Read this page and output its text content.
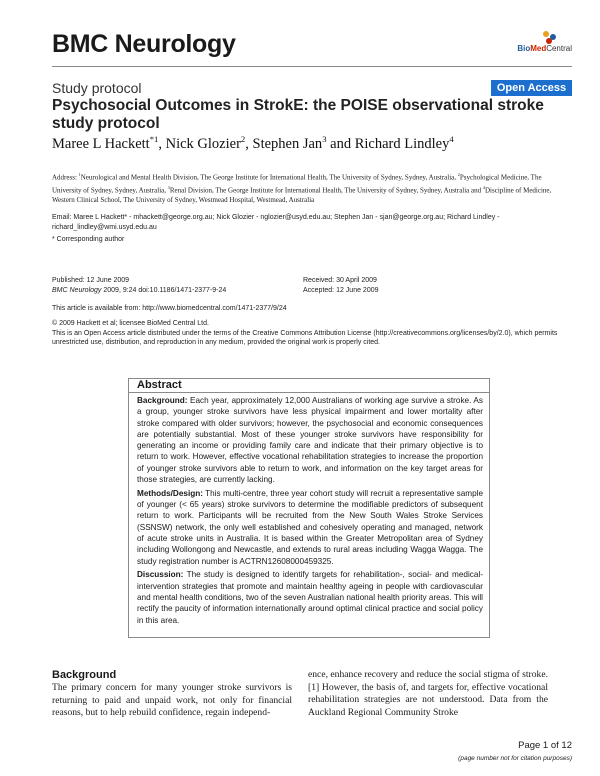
BMC Neurology	BioMedCentral
Study protocol	Open Access
Psychosocial Outcomes in StrokE: the POISE observational stroke study protocol
Maree L Hackett$^{*1}$, Nick Glozier$^2$, Stephen Jan$^3$ and Richard Lindley$^4$
Address: $^1$Neurological and Mental Health Division, The George Institute for International Health, The University of Sydney, Sydney, Australia, $^2$Psychological Medicine, The University of Sydney, Sydney, Australia, $^3$Renal Division, The George Institute for International Health, The University of Sydney, Sydney, Australia and $^4$Discipline of Medicine, Western Clinical School, The University of Sydney, Westmead Hospital, Westmead, Australia
Email: Maree L Hackett* - mhackett@george.org.au; Nick Glozier - nglozier@usyd.edu.au; Stephen Jan - sjan@george.org.au; Richard Lindley - richard_lindley@wmi.usyd.edu.au
* Corresponding author
Published: 12 June 2009
BMC Neurology 2009, 9:24 doi:10.1186/1471-2377-9-24
Received: 30 April 2009
Accepted: 12 June 2009
This article is available from: http://www.biomedcentral.com/1471-2377/9/24
© 2009 Hackett et al; licensee BioMed Central Ltd.
This is an Open Access article distributed under the terms of the Creative Commons Attribution License (http://creativecommons.org/licenses/by/2.0), which permits unrestricted use, distribution, and reproduction in any medium, provided the original work is properly cited.
Abstract

Background: Each year, approximately 12,000 Australians of working age survive a stroke. As a group, younger stroke survivors have less physical impairment and lower mortality after stroke compared with older survivors; however, the psychosocial and economic consequences are potentially substantial. Most of these younger stroke survivors have responsibility for generating an income or providing family care and indicate that their primary objective is to return to work. However, effective vocational rehabilitation strategies to increase the proportion of younger stroke survivors able to return to work, and information on the key target areas for those strategies, are currently lacking.

Methods/Design: This multi-centre, three year cohort study will recruit a representative sample of younger (< 65 years) stroke survivors to determine the modifiable predictors of subsequent return to work. Participants will be recruited from the New South Wales Stroke Services (SSNSW) network, the only well established and cohesively operating and managed, network of acute stroke units in Australia. It is based within the Greater Metropolitan area of Sydney including Wollongong and Newcastle, and extends to rural areas including Wagga Wagga. The study registration number is ACTRN12608000459325.

Discussion: The study is designed to identify targets for rehabilitation-, social- and medical-intervention strategies that promote and maintain healthy ageing in people with cardiovascular and mental health conditions, two of the seven Australian national health priority areas. This will rectify the paucity of information internationally around optimal clinical practice and social policy in this area.

Background
The primary concern for many younger stroke survivors is returning to paid and unpaid work, not only for financial reasons, but to help rebuild confidence, regain independ-
ence, enhance recovery and reduce the social stigma of stroke.[1] However, the basis of, and targets for, effective vocational rehabilitation strategies are not understood. Data from the Auckland Regional Community Stroke
Page 1 of 12
(page number not for citation purposes)
